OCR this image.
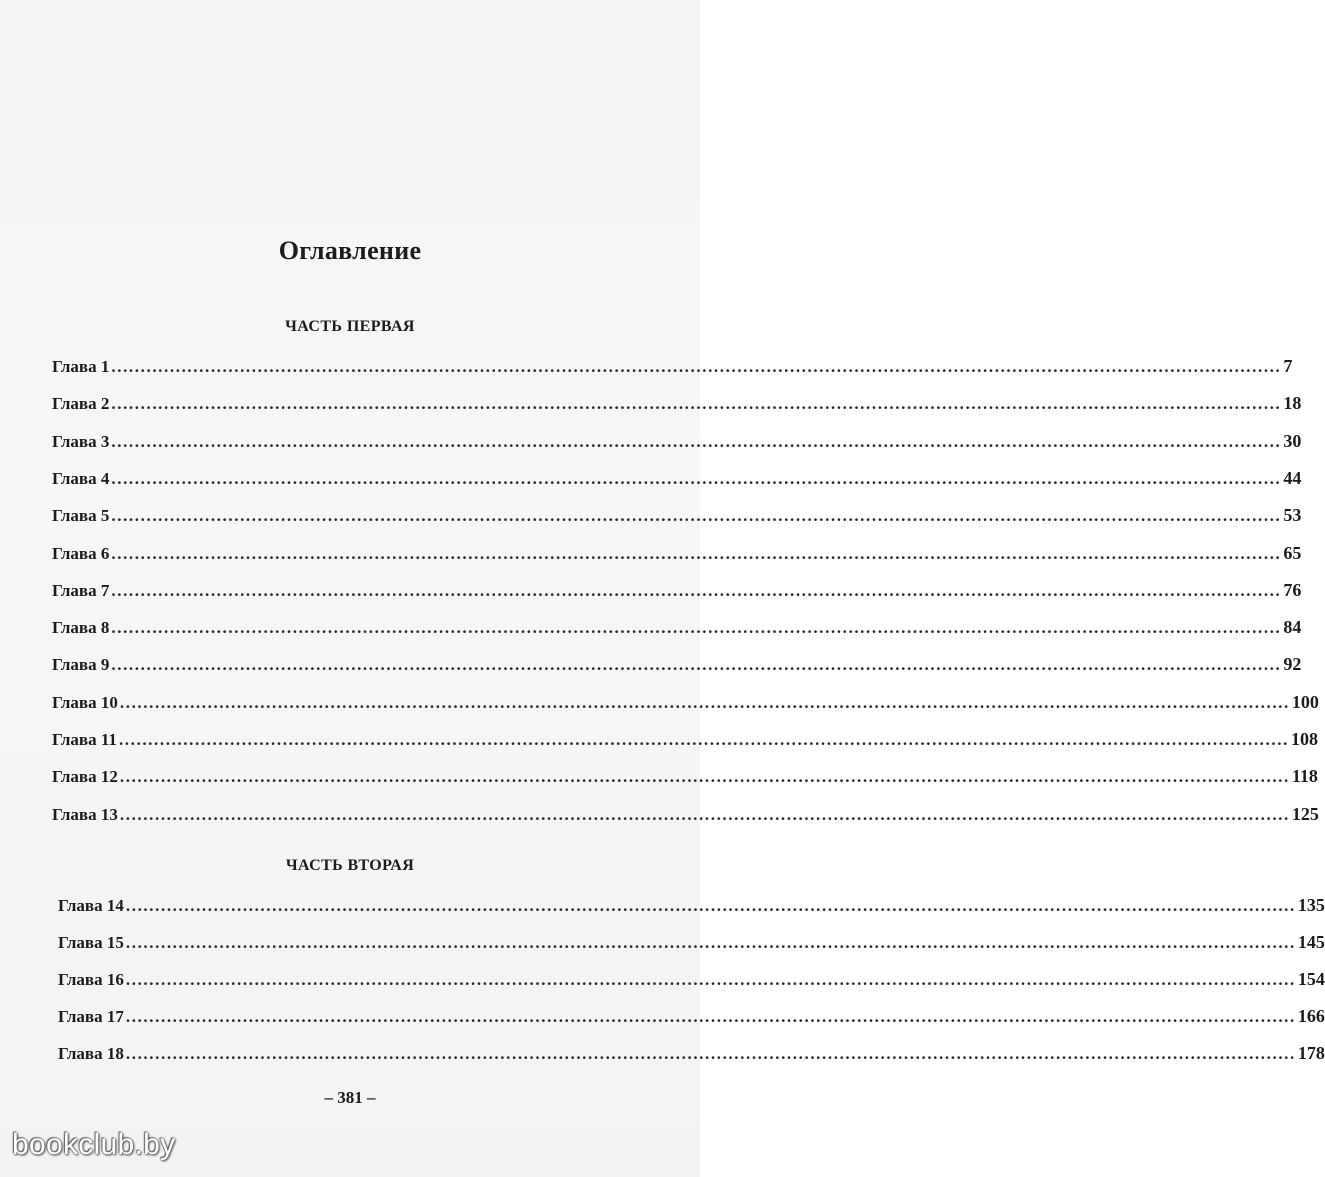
Оглавление
ЧАСТЬ ПЕРВАЯ
Глава 1 ........................................................................................................................................................................................................ 7
Глава 2 ........................................................................................................................................................................................................ 18
Глава 3 ........................................................................................................................................................................................................ 30
Глава 4 ........................................................................................................................................................................................................ 44
Глава 5 ........................................................................................................................................................................................................ 53
Глава 6 ........................................................................................................................................................................................................ 65
Глава 7 ........................................................................................................................................................................................................ 76
Глава 8 ........................................................................................................................................................................................................ 84
Глава 9 ........................................................................................................................................................................................................ 92
Глава 10 ........................................................................................................................................................................................................ 100
Глава 11 ........................................................................................................................................................................................................ 108
Глава 12 ........................................................................................................................................................................................................ 118
Глава 13 ........................................................................................................................................................................................................ 125
ЧАСТЬ ВТОРАЯ
Глава 14 ........................................................................................................................................................................................................ 135
Глава 15 ........................................................................................................................................................................................................ 145
Глава 16 ........................................................................................................................................................................................................ 154
Глава 17 ........................................................................................................................................................................................................ 166
Глава 18 ........................................................................................................................................................................................................ 178
– 381 –
bookclub.by
